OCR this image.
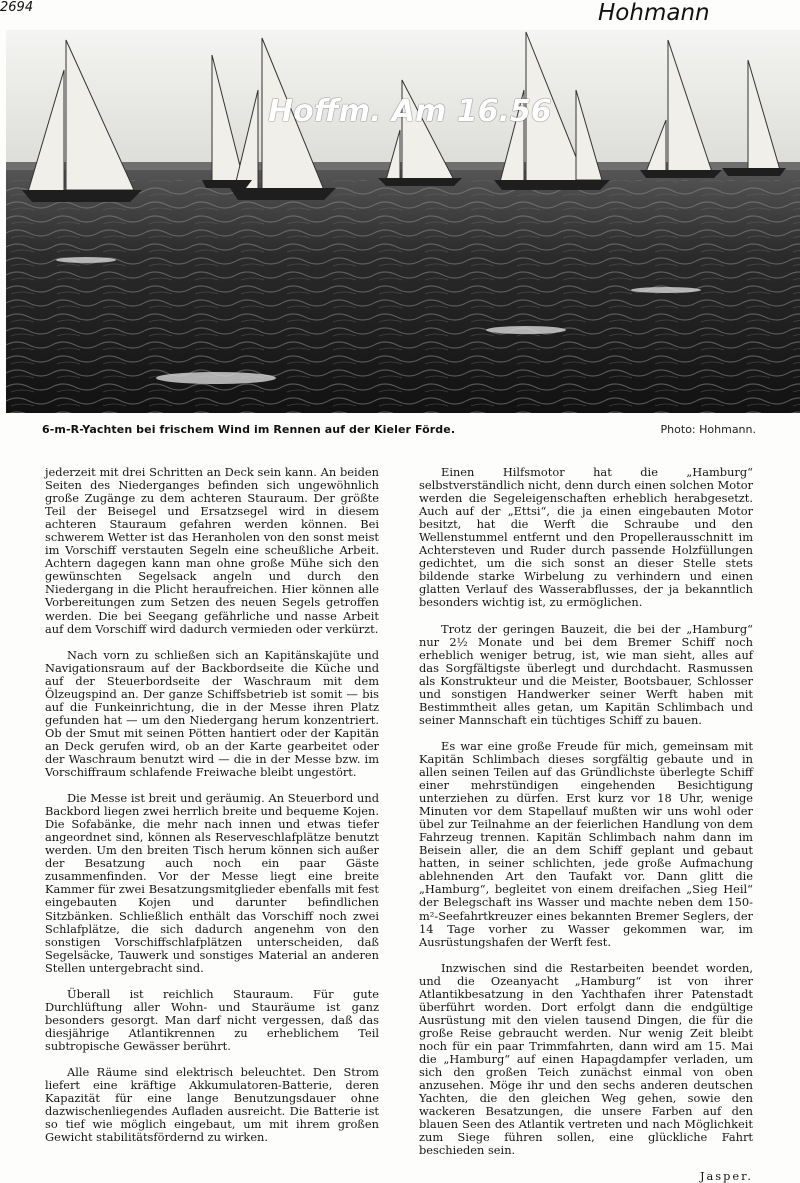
2694	Hohmann
Hoffm. Am 16.56
6-m-R-Yachten bei frischem Wind im Rennen auf der Kieler Förde.	Photo: Hohmann.

jederzeit mit drei Schritten an Deck sein kann. An beiden Seiten des Niederganges befinden sich ungewöhnlich große Zugänge zu dem achteren Stauraum. Der größte Teil der Beisegel und Ersatzsegel wird in diesem achteren Stauraum gefahren werden können. Bei schwerem Wetter ist das Heranholen von den sonst meist im Vorschiff verstauten Segeln eine scheußliche Arbeit. Achtern dagegen kann man ohne große Mühe sich den gewünschten Segelsack angeln und durch den Niedergang in die Plicht heraufreichen. Hier können alle Vorbereitungen zum Setzen des neuen Segels getroffen werden. Die bei Seegang gefährliche und nasse Arbeit auf dem Vorschiff wird dadurch vermieden oder verkürzt.

Nach vorn zu schließen sich an Kapitänskajüte und Navigationsraum auf der Backbordseite die Küche und auf der Steuerbordseite der Waschraum mit dem Ölzeugspind an. Der ganze Schiffsbetrieb ist somit — bis auf die Funkeinrichtung, die in der Messe ihren Platz gefunden hat — um den Niedergang herum konzentriert. Ob der Smut mit seinen Pötten hantiert oder der Kapitän an Deck gerufen wird, ob an der Karte gearbeitet oder der Waschraum benutzt wird — die in der Messe bzw. im Vorschiffraum schlafende Freiwache bleibt ungestört.

Die Messe ist breit und geräumig. An Steuerbord und Backbord liegen zwei herrlich breite und bequeme Kojen. Die Sofabänke, die mehr nach innen und etwas tiefer angeordnet sind, können als Reserveschlafplätze benutzt werden. Um den breiten Tisch herum können sich außer der Besatzung auch noch ein paar Gäste zusammenfinden. Vor der Messe liegt eine breite Kammer für zwei Besatzungsmitglieder ebenfalls mit fest eingebauten Kojen und darunter befindlichen Sitzbänken. Schließlich enthält das Vorschiff noch zwei Schlafplätze, die sich dadurch angenehm von den sonstigen Vorschiffschlafplätzen unterscheiden, daß Segelsäcke, Tauwerk und sonstiges Material an anderen Stellen untergebracht sind.

Überall ist reichlich Stauraum. Für gute Durchlüftung aller Wohn- und Stauräume ist ganz besonders gesorgt. Man darf nicht vergessen, daß das diesjährige Atlantikrennen zu erheblichem Teil subtropische Gewässer berührt.

Alle Räume sind elektrisch beleuchtet. Den Strom liefert eine kräftige Akkumulatoren-Batterie, deren Kapazität für eine lange Benutzungsdauer ohne dazwischenliegendes Aufladen ausreicht. Die Batterie ist so tief wie möglich eingebaut, um mit ihrem großen Gewicht stabilitätsfördernd zu wirken.

Einen Hilfsmotor hat die „Hamburg“ selbstverständlich nicht, denn durch einen solchen Motor werden die Segeleigenschaften erheblich herabgesetzt. Auch auf der „Ettsi“, die ja einen eingebauten Motor besitzt, hat die Werft die Schraube und den Wellenstummel entfernt und den Propellerausschnitt im Achtersteven und Ruder durch passende Holzfüllungen gedichtet, um die sich sonst an dieser Stelle stets bildende starke Wirbelung zu verhindern und einen glatten Verlauf des Wasserabflusses, der ja bekanntlich besonders wichtig ist, zu ermöglichen.

Trotz der geringen Bauzeit, die bei der „Hamburg“ nur 2½ Monate und bei dem Bremer Schiff noch erheblich weniger betrug, ist, wie man sieht, alles auf das Sorgfältigste überlegt und durchdacht. Rasmussen als Konstrukteur und die Meister, Bootsbauer, Schlosser und sonstigen Handwerker seiner Werft haben mit Bestimmtheit alles getan, um Kapitän Schlimbach und seiner Mannschaft ein tüchtiges Schiff zu bauen.

Es war eine große Freude für mich, gemeinsam mit Kapitän Schlimbach dieses sorgfältig gebaute und in allen seinen Teilen auf das Gründlichste überlegte Schiff einer mehrstündigen eingehenden Besichtigung unterziehen zu dürfen. Erst kurz vor 18 Uhr, wenige Minuten vor dem Stapellauf mußten wir uns wohl oder übel zur Teilnahme an der feierlichen Handlung von dem Fahrzeug trennen. Kapitän Schlimbach nahm dann im Beisein aller, die an dem Schiff geplant und gebaut hatten, in seiner schlichten, jede große Aufmachung ablehnenden Art den Taufakt vor. Dann glitt die „Hamburg“, begleitet von einem dreifachen „Sieg Heil“ der Belegschaft ins Wasser und machte neben dem 150-m²-Seefahrtkreuzer eines bekannten Bremer Seglers, der 14 Tage vorher zu Wasser gekommen war, im Ausrüstungshafen der Werft fest.

Inzwischen sind die Restarbeiten beendet worden, und die Ozeanyacht „Hamburg“ ist von ihrer Atlantikbesatzung in den Yachthafen ihrer Patenstadt überführt worden. Dort erfolgt dann die endgültige Ausrüstung mit den vielen tausend Dingen, die für die große Reise gebraucht werden. Nur wenig Zeit bleibt noch für ein paar Trimmfahrten, dann wird am 15. Mai die „Hamburg“ auf einen Hapagdampfer verladen, um sich den großen Teich zunächst einmal von oben anzusehen. Möge ihr und den sechs anderen deutschen Yachten, die den gleichen Weg gehen, sowie den wackeren Besatzungen, die unsere Farben auf den blauen Seen des Atlantik vertreten und nach Möglichkeit zum Siege führen sollen, eine glückliche Fahrt beschieden sein.

Jasper.
